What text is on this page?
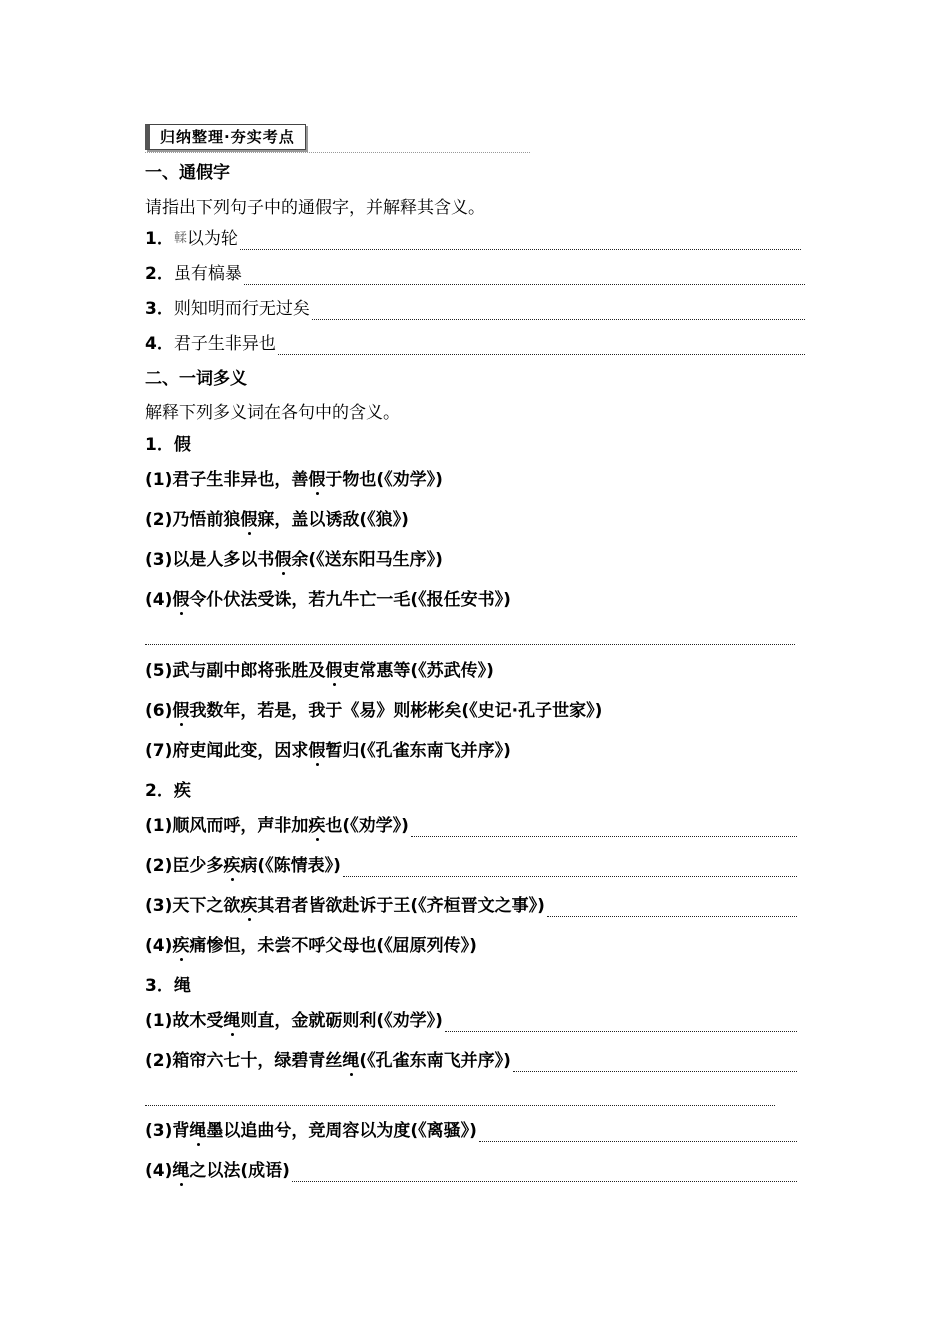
归纳整理·夯实考点
一、通假字
请指出下列句子中的通假字，并解释其含义。
1． 輮 以为轮
2． 虽有槁暴
3． 则知明而行无过矣
4． 君子生非异也
二、一词多义
解释下列多义词在各句中的含义。
1．假
(1)君子生非异也，善 假 于物也(《劝学》)
(2)乃悟前狼 假 寐，盖以诱敌(《狼》)
(3)以是人多以书 假 余(《送东阳马生序》)
(4) 假 令仆伏法受诛，若九牛亡一毛(《报任安书》)
(5)武与副中郎将张胜及 假 吏常惠等(《苏武传》)
(6) 假 我数年，若是，我于《易》则彬彬矣(《史记·孔子世家》)
(7)府吏闻此变，因求 假 暂归(《孔雀东南飞并序》)
2．疾
(1)顺风而呼，声非加 疾 也(《劝学》)
(2)臣少多 疾 病(《陈情表》)
(3)天下之欲 疾 其君者皆欲赴诉于王(《齐桓晋文之事》)
(4) 疾 痛惨怛，未尝不呼父母也(《屈原列传》)
3．绳
(1)故木受 绳 则直，金就砺则利(《劝学》)
(2)箱帘六七十，绿碧青丝 绳 (《孔雀东南飞并序》)
(3)背 绳 墨以追曲兮，竞周容以为度(《离骚》)
(4) 绳 之以法(成语)
